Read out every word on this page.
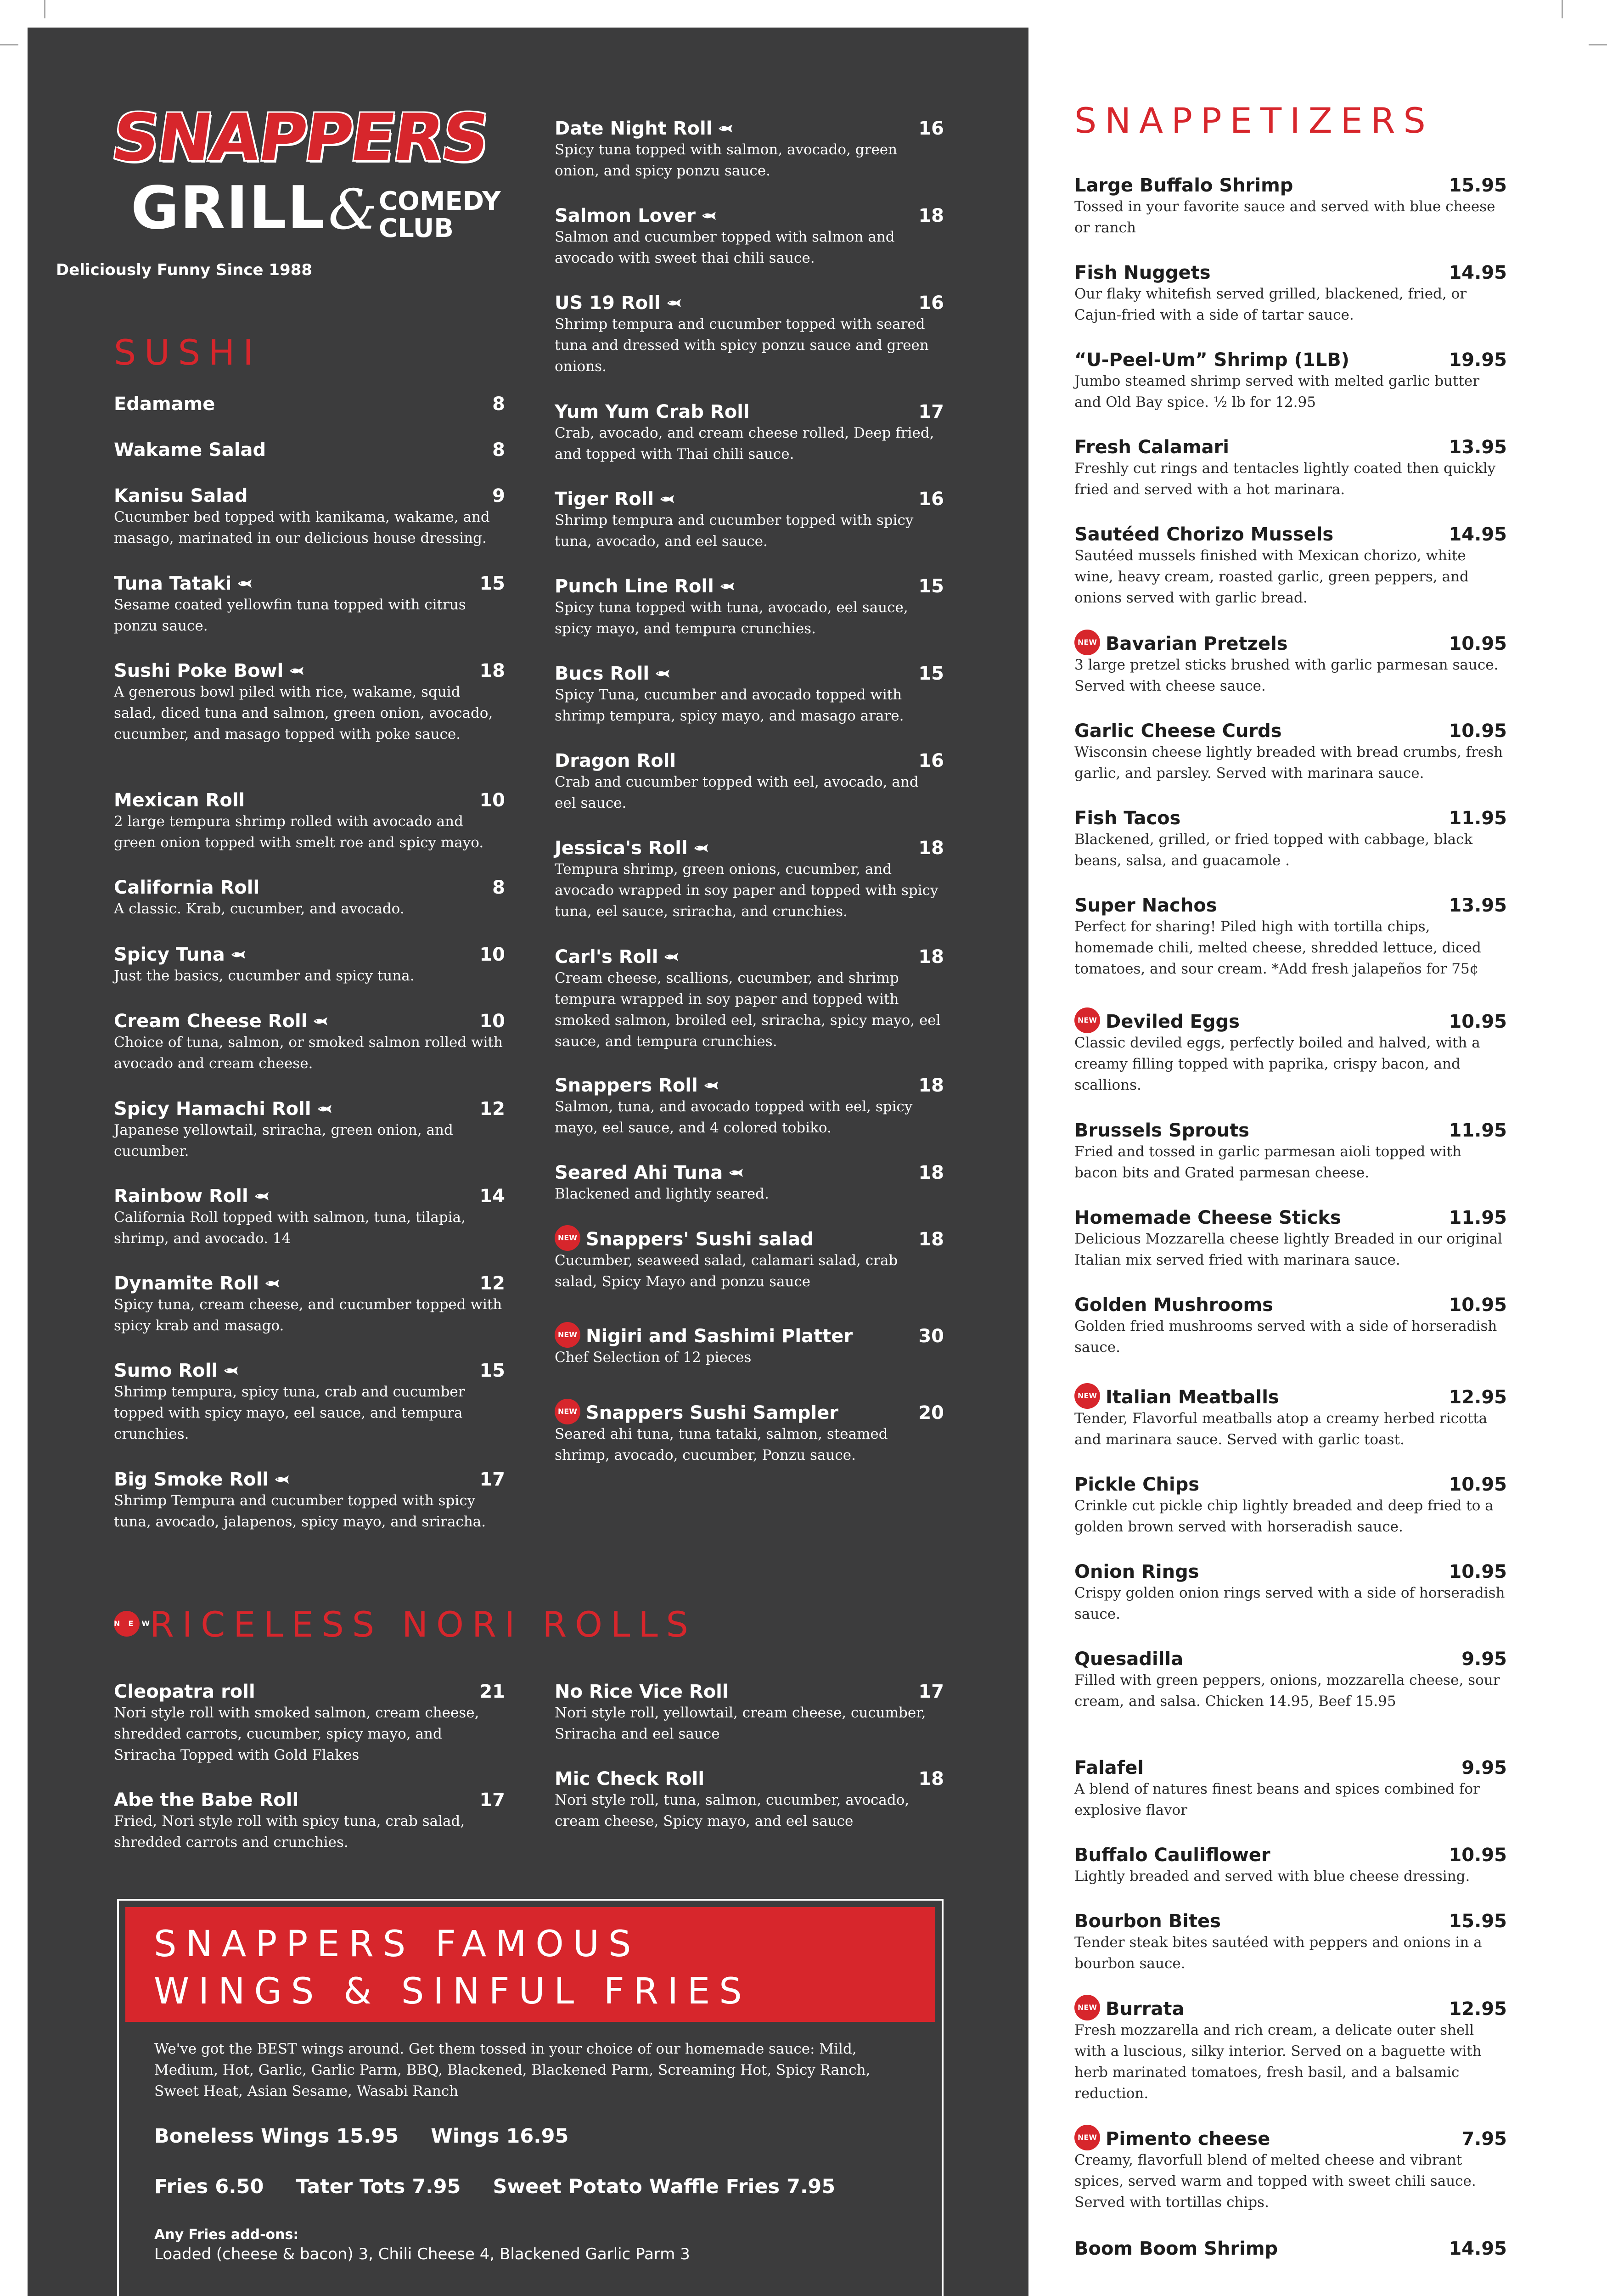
SNAPPERS
GRILL & COMEDY
CLUB
Deliciously Funny Since 1988
SUSHI
NEWRICELESS NORI ROLLS
SNAPPETIZERS
Edamame	8
Wakame Salad	8
Kanisu Salad	9
Cucumber bed topped with kanikama, wakame, and masago, marinated in our delicious house dressing.
Tuna Tataki	15
Sesame coated yellowfin tuna topped with citrus ponzu sauce.
Sushi Poke Bowl	18
A generous bowl piled with rice, wakame, squid salad, diced tuna and salmon, green onion, avocado, cucumber, and masago topped with poke sauce.
Mexican Roll	10
2 large tempura shrimp rolled with avocado and green onion topped with smelt roe and spicy mayo.
California Roll	8
A classic. Krab, cucumber, and avocado.
Spicy Tuna	10
Just the basics, cucumber and spicy tuna.
Cream Cheese Roll	10
Choice of tuna, salmon, or smoked salmon rolled with avocado and cream cheese.
Spicy Hamachi Roll	12
Japanese yellowtail, sriracha, green onion, and cucumber.
Rainbow Roll	14
California Roll topped with salmon, tuna, tilapia, shrimp, and avocado. 14
Dynamite Roll	12
Spicy tuna, cream cheese, and cucumber topped with spicy krab and masago.
Sumo Roll	15
Shrimp tempura, spicy tuna, crab and cucumber topped with spicy mayo, eel sauce, and tempura crunchies.
Big Smoke Roll	17
Shrimp Tempura and cucumber topped with spicy tuna, avocado, jalapenos, spicy mayo, and sriracha.
Date Night Roll	16
Spicy tuna topped with salmon, avocado, green onion, and spicy ponzu sauce.
Salmon Lover	18
Salmon and cucumber topped with salmon and avocado with sweet thai chili sauce.
US 19 Roll	16
Shrimp tempura and cucumber topped with seared tuna and dressed with spicy ponzu sauce and green onions.
Yum Yum Crab Roll	17
Crab, avocado, and cream cheese rolled, Deep fried, and topped with Thai chili sauce.
Tiger Roll	16
Shrimp tempura and cucumber topped with spicy tuna, avocado, and eel sauce.
Punch Line Roll	15
Spicy tuna topped with tuna, avocado, eel sauce, spicy mayo, and tempura crunchies.
Bucs Roll	15
Spicy Tuna, cucumber and avocado topped with shrimp tempura, spicy mayo, and masago arare.
Dragon Roll	16
Crab and cucumber topped with eel, avocado, and eel sauce.
Jessica's Roll	18
Tempura shrimp, green onions, cucumber, and avocado wrapped in soy paper and topped with spicy tuna, eel sauce, sriracha, and crunchies.
Carl's Roll	18
Cream cheese, scallions, cucumber, and shrimp tempura wrapped in soy paper and topped with smoked salmon, broiled eel, sriracha, spicy mayo, eel sauce, and tempura crunchies.
Snappers Roll	18
Salmon, tuna, and avocado topped with eel, spicy mayo, eel sauce, and 4 colored tobiko.
Seared Ahi Tuna	18
Blackened and lightly seared.
NEW Snappers' Sushi salad	18
Cucumber, seaweed salad, calamari salad, crab salad, Spicy Mayo and ponzu sauce
NEW Nigiri and Sashimi Platter	30
Chef Selection of 12 pieces
NEW Snappers Sushi Sampler	20
Seared ahi tuna, tuna tataki, salmon, steamed shrimp, avocado, cucumber, Ponzu sauce.
Cleopatra roll	21
Nori style roll with smoked salmon, cream cheese, shredded carrots, cucumber, spicy mayo, and Sriracha Topped with Gold Flakes
Abe the Babe Roll	17
Fried, Nori style roll with spicy tuna, crab salad, shredded carrots and crunchies.
No Rice Vice Roll	17
Nori style roll, yellowtail, cream cheese, cucumber, Sriracha and eel sauce
Mic Check Roll	18
Nori style roll, tuna, salmon, cucumber, avocado, cream cheese, Spicy mayo, and eel sauce
Large Buffalo Shrimp	15.95
Tossed in your favorite sauce and served with blue cheese or ranch
Fish Nuggets	14.95
Our flaky whitefish served grilled, blackened, fried, or Cajun-fried with a side of tartar sauce.
“U-Peel-Um” Shrimp (1LB)	19.95
Jumbo steamed shrimp served with melted garlic butter and Old Bay spice. ½ lb for 12.95
Fresh Calamari	13.95
Freshly cut rings and tentacles lightly coated then quickly fried and served with a hot marinara.
Sautéed Chorizo Mussels	14.95
Sautéed mussels finished with Mexican chorizo, white wine, heavy cream, roasted garlic, green peppers, and onions served with garlic bread.
NEW Bavarian Pretzels	10.95
3 large pretzel sticks brushed with garlic parmesan sauce. Served with cheese sauce.
Garlic Cheese Curds	10.95
Wisconsin cheese lightly breaded with bread crumbs, fresh garlic, and parsley. Served with marinara sauce.
Fish Tacos	11.95
Blackened, grilled, or fried topped with cabbage, black beans, salsa, and guacamole .
Super Nachos	13.95
Perfect for sharing! Piled high with tortilla chips, homemade chili, melted cheese, shredded lettuce, diced tomatoes, and sour cream. *Add fresh jalapeños for 75¢
NEW Deviled Eggs	10.95
Classic deviled eggs, perfectly boiled and halved, with a creamy filling topped with paprika, crispy bacon, and scallions.
Brussels Sprouts	11.95
Fried and tossed in garlic parmesan aioli topped with bacon bits and Grated parmesan cheese.
Homemade Cheese Sticks	11.95
Delicious Mozzarella cheese lightly Breaded in our original Italian mix served fried with marinara sauce.
Golden Mushrooms	10.95
Golden fried mushrooms served with a side of horseradish sauce.
NEW Italian Meatballs	12.95
Tender, Flavorful meatballs atop a creamy herbed ricotta and marinara sauce. Served with garlic toast.
Pickle Chips	10.95
Crinkle cut pickle chip lightly breaded and deep fried to a golden brown served with horseradish sauce.
Onion Rings	10.95
Crispy golden onion rings served with a side of horseradish sauce.
Quesadilla	9.95
Filled with green peppers, onions, mozzarella cheese, sour cream, and salsa. Chicken 14.95, Beef 15.95
Falafel	9.95
A blend of natures finest beans and spices combined for explosive flavor
Buffalo Cauliflower	10.95
Lightly breaded and served with blue cheese dressing.
Bourbon Bites	15.95
Tender steak bites sautéed with peppers and onions in a bourbon sauce.
NEW Burrata	12.95
Fresh mozzarella and rich cream, a delicate outer shell with a luscious, silky interior. Served on a baguette with herb marinated tomatoes, fresh basil, and a balsamic reduction.
NEW Pimento cheese	7.95
Creamy, flavorfull blend of melted cheese and vibrant spices, served warm and topped with sweet chili sauce. Served with tortillas chips.
Boom Boom Shrimp	14.95
SNAPPERS FAMOUS
WINGS & SINFUL FRIES
We've got the BEST wings around. Get them tossed in your choice of our homemade sauce: Mild, Medium, Hot, Garlic, Garlic Parm, BBQ, Blackened, Blackened Parm, Screaming Hot, Spicy Ranch, Sweet Heat, Asian Sesame, Wasabi Ranch
Boneless Wings 15.95 Wings 16.95
Fries 6.50 Tater Tots 7.95 Sweet Potato Waffle Fries 7.95
Any Fries add-ons:
Loaded (cheese & bacon) 3, Chili Cheese 4, Blackened Garlic Parm 3
